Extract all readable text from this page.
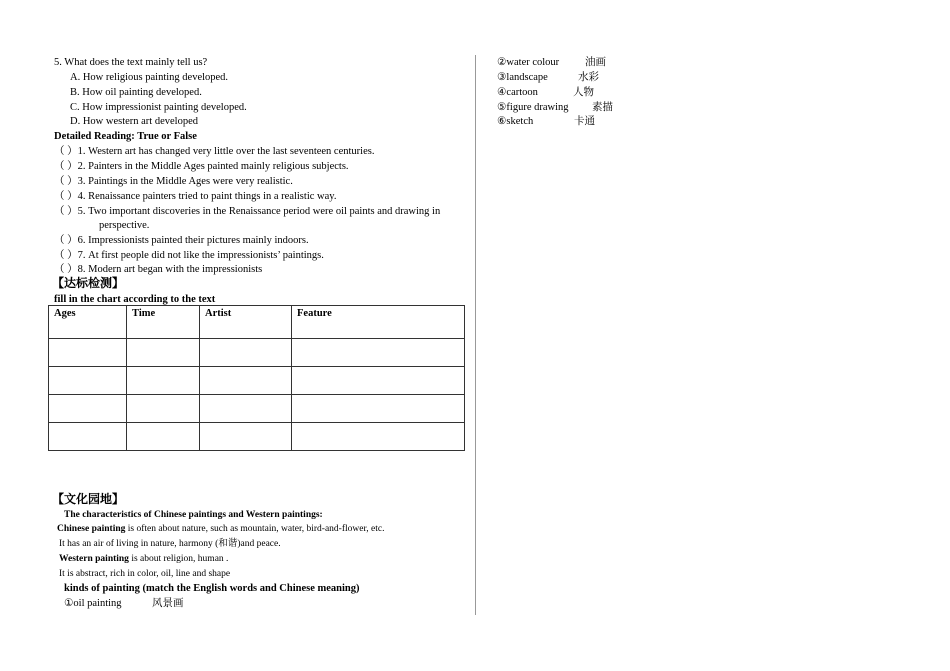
5. What does the text mainly tell us?
A. How religious painting developed.
B. How oil painting developed.
C. How impressionist painting developed.
D. How western art developed
Detailed Reading: True or False
（ ）1. Western art has changed very little over the last seventeen centuries.
（ ）2. Painters in the Middle Ages painted mainly religious subjects.
（ ）3. Paintings in the Middle Ages were very realistic.
（ ）4. Renaissance painters tried to paint things in a realistic way.
（ ）5. Two important discoveries in the Renaissance period were oil paints and drawing in
perspective.
（ ）6. Impressionists painted their pictures mainly indoors.
（ ）7. At first people did not like the impressionists’ paintings.
（ ）8. Modern art began with the impressionists
【达标检测】
fill in the chart according to the text
Ages	Time	Artist	Feature

【文化园地】
The characteristics of Chinese paintings and Western paintings:
Chinese painting is often about nature, such as mountain, water, bird-and-flower, etc.
It has an air of living in nature, harmony (和谐)and peace.
Western painting is about religion, human .
It is abstract, rich in color, oil, line and shape
kinds of painting (match the English words and Chinese meaning)
①oil painting	风景画
②water colour 油画
③landscape	水彩
④cartoon	人物
⑤figure drawing 素描
⑥sketch	卡通
